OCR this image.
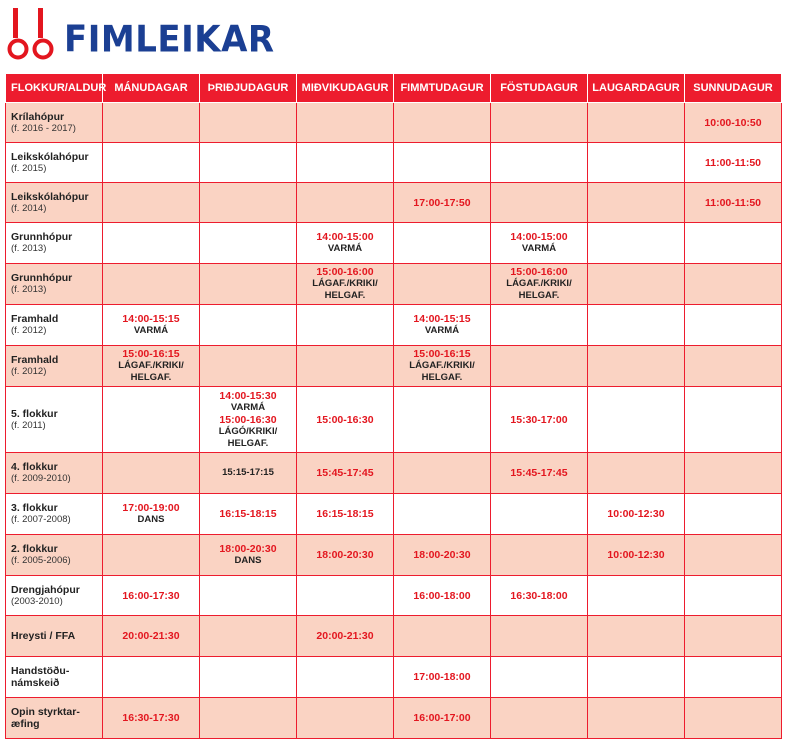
FIMLEIKAR
FLOKKUR/ALDUR	MÁNUDAGAR	ÞRIÐJUDAGUR	MIÐVIKUDAGUR	FIMMTUDAGUR	FÖSTUDAGUR	LAUGARDAGUR	SUNNUDAGUR

Krílahópur
(f. 2016 - 2017)							10:00-10:50

Leikskólahópur
(f. 2015)							11:00-11:50

Leikskólahópur
(f. 2014)				17:00-17:50			11:00-11:50

Grunnhópur
(f. 2013)			14:00-15:00
VARMÁ		14:00-15:00
VARMÁ		

Grunnhópur
(f. 2013)			15:00-16:00
LÁGAF./KRIKI/
HELGAF.		15:00-16:00
LÁGAF./KRIKI/
HELGAF.		

Framhald
(f. 2012)	14:00-15:15
VARMÁ			14:00-15:15
VARMÁ			

Framhald
(f. 2012)	15:00-16:15
LÁGAF./KRIKI/
HELGAF.			15:00-16:15
LÁGAF./KRIKI/
HELGAF.			

5. flokkur
(f. 2011)		14:00-15:30
VARMÁ
15:00-16:30
LÁGÓ/KRIKI/
HELGAF.	15:00-16:30		15:30-17:00		

4. flokkur
(f. 2009-2010)		15:15-17:15	15:45-17:45		15:45-17:45		

3. flokkur
(f. 2007-2008)	17:00-19:00
DANS	16:15-18:15	16:15-18:15			10:00-12:30	

2. flokkur
(f. 2005-2006)		18:00-20:30
DANS	18:00-20:30	18:00-20:30		10:00-12:30	

Drengjahópur
(2003-2010)	16:00-17:30			16:00-18:00	16:30-18:00		

Hreysti / FFA	20:00-21:30		20:00-21:30				

Handstöðu-
námskeið				17:00-18:00			

Opin styrktar-
æfing	16:30-17:30			16:00-17:00			
